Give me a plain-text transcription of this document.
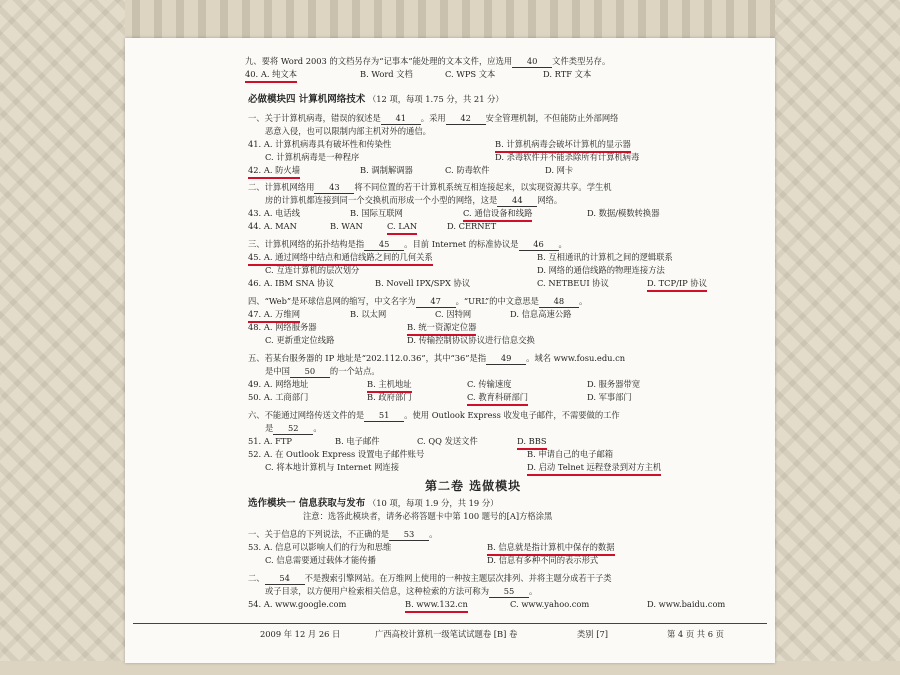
九、要将 Word 2003 的文档另存为“记事本”能处理的文本文件，应选用 40 文件类型另存。
40. A. 纯文本	B. Word 文档	C. WPS 文本	D. RTF 文本
必做模块四 计算机网络技术 （12 项，每项 1.75 分，共 21 分）
一、关于计算机病毒，错误的叙述是 41 。采用 42 安全管理机制，不但能防止外部网络
恶意入侵，也可以限制内部主机对外的通信。
41. A. 计算机病毒具有破坏性和传染性	B. 计算机病毒会破坏计算机的显示器
C. 计算机病毒是一种程序	D. 杀毒软件并不能杀除所有计算机病毒
42. A. 防火墙	B. 调制解调器	C. 防毒软件	D. 网卡
二、计算机网络用 43 将不同位置的若干计算机系统互相连接起来，以实现资源共享。学生机
房的计算机都连接到同一个交换机而形成一个小型的网络，这是 44 网络。
43. A. 电话线	B. 国际互联网	C. 通信设备和线路	D. 数据/模数转换器
44. A. MAN	B. WAN	C. LAN	D. CERNET
三、计算机网络的拓扑结构是指 45 。目前 Internet 的标准协议是 46 。
45. A. 通过网络中结点和通信线路之间的几何关系	B. 互相通讯的计算机之间的逻辑联系
C. 互连计算机的层次划分	D. 网络的通信线路的物理连接方法
46. A. IBM SNA 协议	B. Novell IPX/SPX 协议	C. NETBEUI 协议	D. TCP/IP 协议
四、“Web”是环球信息网的缩写，中文名字为 47 。“URL”的中文意思是 48 。
47. A. 万维网	B. 以太网	C. 因特网	D. 信息高速公路
48. A. 网络服务器	B. 统一资源定位器
C. 更新重定位线路	D. 传输控制协议协议进行信息交换
五、若某台服务器的 IP 地址是“202.112.0.36”，其中“36”是指 49 。域名 www.fosu.edu.cn
是中国 50 的一个站点。
49. A. 网络地址	B. 主机地址	C. 传输速度	D. 服务器带宽
50. A. 工商部门	B. 政府部门	C. 教育科研部门	D. 军事部门
六、不能通过网络传送文件的是 51 。使用 Outlook Express 收发电子邮件，不需要做的工作
是 52 。
51. A. FTP	B. 电子邮件	C. QQ 发送文件	D. BBS
52. A. 在 Outlook Express 设置电子邮件账号	B. 申请自己的电子邮箱
C. 将本地计算机与 Internet 网连接	D. 启动 Telnet 远程登录到对方主机
第二卷 选做模块
选作模块一 信息获取与发布 （10 项，每项 1.9 分，共 19 分）
注意：选答此模块者，请务必将答题卡中第 100 题号的[A]方格涂黑
一、关于信息的下列说法，不正确的是 53 。
53. A. 信息可以影响人们的行为和思维	B. 信息就是指计算机中保存的数据
C. 信息需要通过载体才能传播	D. 信息有多种不同的表示形式
二、 54 不是搜索引擎网站。在万维网上使用的一种按主题层次排列、并将主题分成若干子类
或子目录，以方便用户检索相关信息，这种检索的方法可称为 55 。
54. A. www.google.com	B. www.132.cn	C. www.yahoo.com	D. www.baidu.com
2009 年 12 月 26 日	广西高校计算机一级笔试试题卷 [B] 卷	类别 [7]	第 4 页 共 6 页
